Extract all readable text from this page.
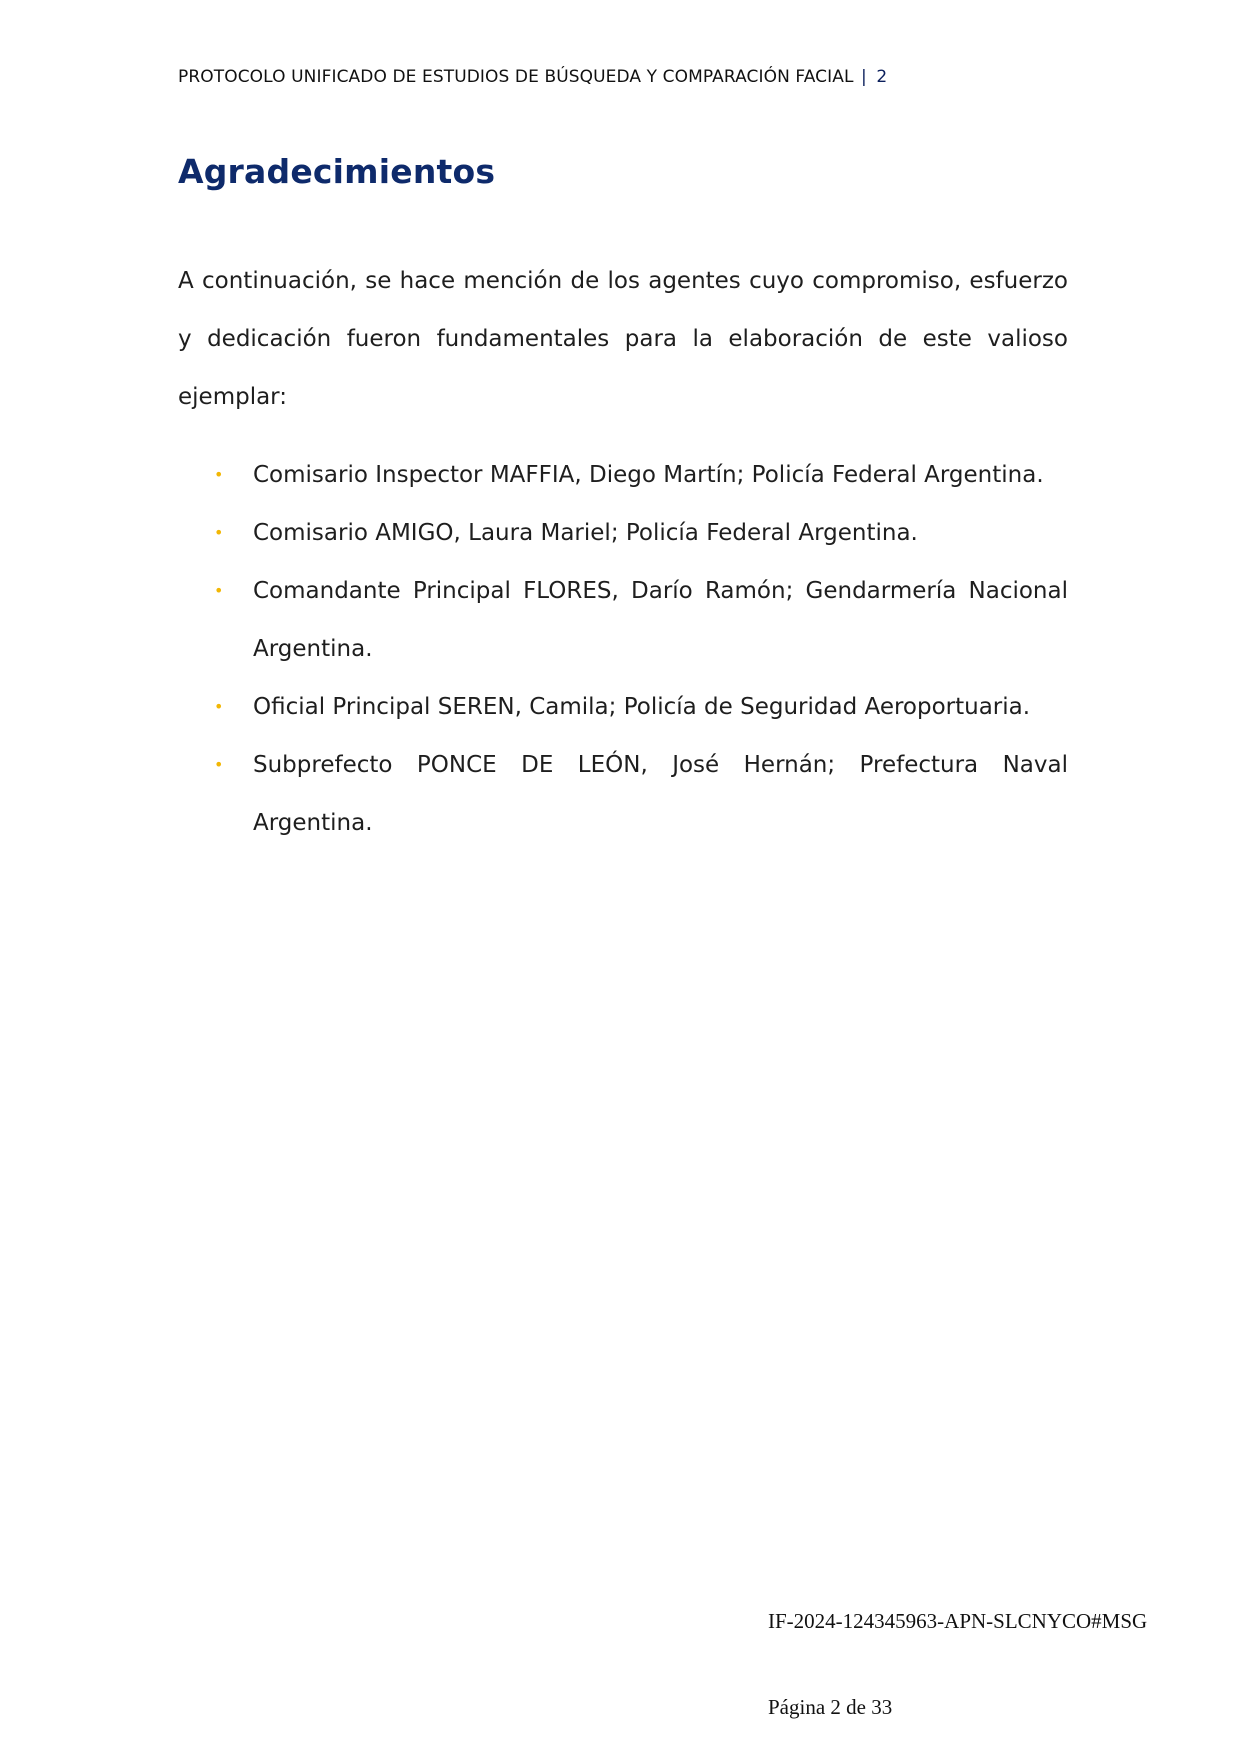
PROTOCOLO UNIFICADO DE ESTUDIOS DE BÚSQUEDA Y COMPARACIÓN FACIAL | 2
Agradecimientos

A continuación, se hace mención de los agentes cuyo compromiso, esfuerzo y dedicación fueron fundamentales para la elaboración de este valioso ejemplar:

• Comisario Inspector MAFFIA, Diego Martín; Policía Federal Argentina.
• Comisario AMIGO, Laura Mariel; Policía Federal Argentina.
• Comandante Principal FLORES, Darío Ramón; Gendarmería Nacional Argentina.
• Oficial Principal SEREN, Camila; Policía de Seguridad Aeroportuaria.
• Subprefecto PONCE DE LEÓN, José Hernán; Prefectura Naval Argentina.
IF-2024-124345963-APN-SLCNYCO#MSG
Página 2 de 33
